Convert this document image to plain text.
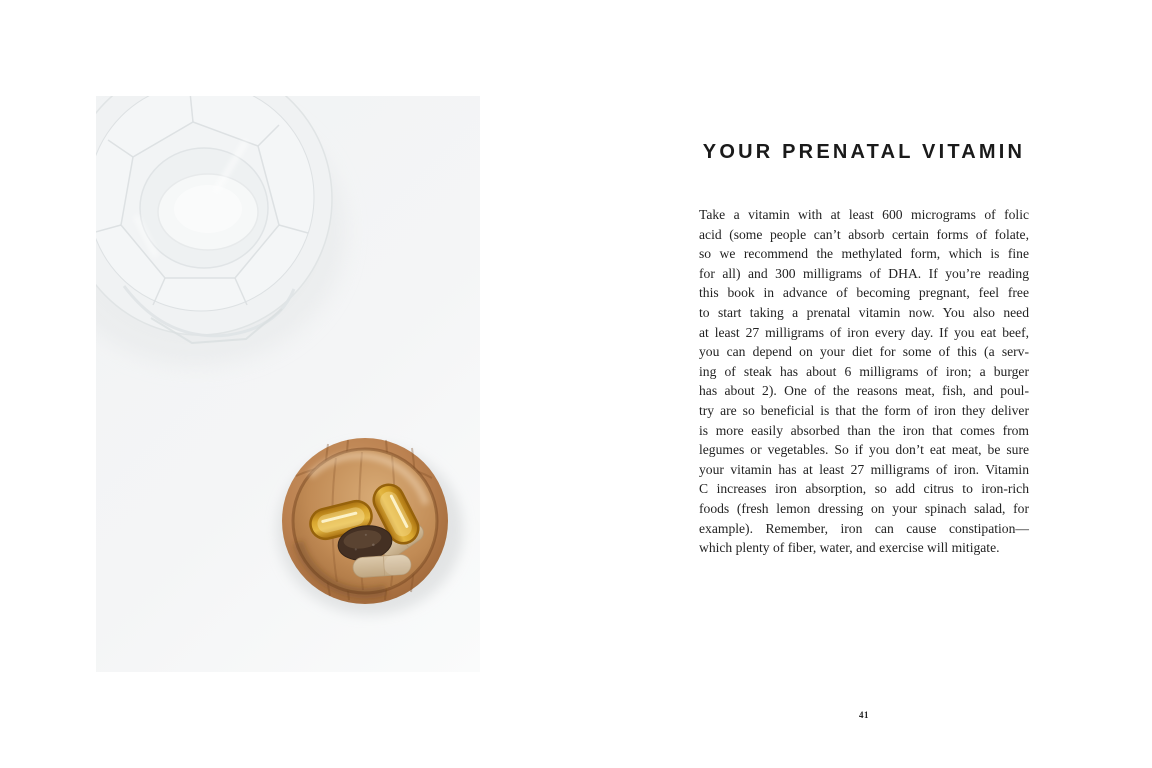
YOUR PRENATAL VITAMIN
Take a vitamin with at least 600 micrograms of folic
acid (some people can’t absorb certain forms of folate,
so we recommend the methylated form, which is fine
for all) and 300 milligrams of DHA. If you’re reading
this book in advance of becoming pregnant, feel free
to start taking a prenatal vitamin now. You also need
at least 27 milligrams of iron every day. If you eat beef,
you can depend on your diet for some of this (a serv-
ing of steak has about 6 milligrams of iron; a burger
has about 2). One of the reasons meat, fish, and poul-
try are so beneficial is that the form of iron they deliver
is more easily absorbed than the iron that comes from
legumes or vegetables. So if you don’t eat meat, be sure
your vitamin has at least 27 milligrams of iron. Vitamin
C increases iron absorption, so add citrus to iron-rich
foods (fresh lemon dressing on your spinach salad, for
example). Remember, iron can cause constipation—
which plenty of fiber, water, and exercise will mitigate.
41
